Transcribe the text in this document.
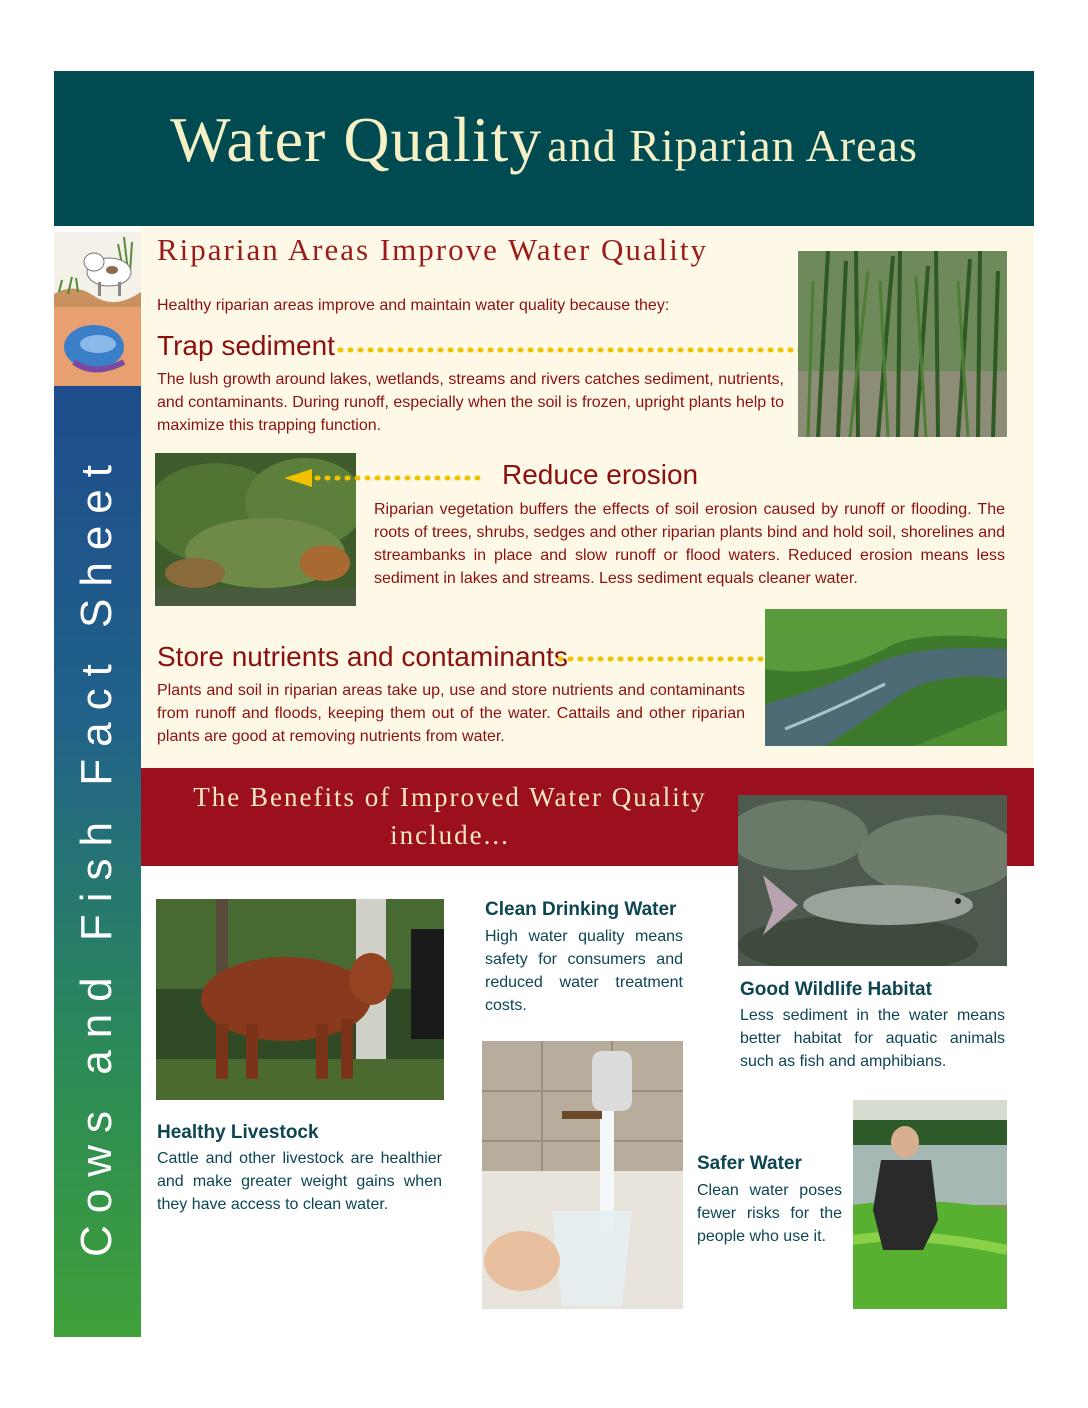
Water Quality and Riparian Areas
Cows and Fish Fact Sheet
Riparian Areas Improve Water Quality
Healthy riparian areas improve and maintain water quality because they:
Trap sediment
The lush growth around lakes, wetlands, streams and rivers catches sediment, nutrients, and contaminants. During runoff, especially when the soil is frozen, upright plants help to maximize this trapping function.
Reduce erosion
Riparian vegetation buffers the effects of soil erosion caused by runoff or flooding. The roots of trees, shrubs, sedges and other riparian plants bind and hold soil, shorelines and streambanks in place and slow runoff or flood waters. Reduced erosion means less sediment in lakes and streams. Less sediment equals cleaner water.
Store nutrients and contaminants
Plants and soil in riparian areas take up, use and store nutrients and contaminants from runoff and floods, keeping them out of the water. Cattails and other riparian plants are good at removing nutrients from water.
The Benefits of Improved Water Quality include...
Clean Drinking Water
High water quality means safety for consumers and reduced water treatment costs.
Good Wildlife Habitat
Less sediment in the water means better habitat for aquatic animals such as fish and amphibians.
Healthy Livestock
Cattle and other livestock are healthier and make greater weight gains when they have access to clean water.
Safer Water
Clean water poses fewer risks for the people who use it.
